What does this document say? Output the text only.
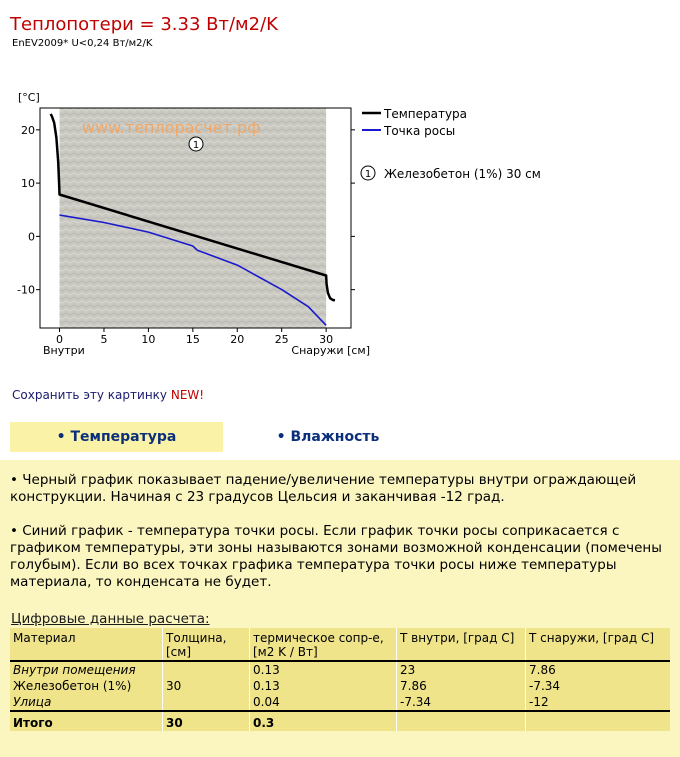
Теплопотери = 3.33 Вт/м2/K
EnEV2009* U<0,24 Вт/м2/K
[°C]
www.теплорасчет.рф
0	5	10	15	20	25	30
-10
0
10
20
1
Внутри	Снаружи [см]
Температура
Точка росы
1 Железобетон (1%) 30 см
Сохранить эту картинку NEW!
• Температура	• Влажность
• Черный график показывает падение/увеличение температуры внутри ограждающей конструкции. Начиная с 23 градусов Цельсия и заканчивая -12 град.
• Синий график - температура точки росы. Если график точки росы соприкасается с графиком температуры, эти зоны называются зонами возможной конденсации (помечены голубым). Если во всех точках графика температура точки росы ниже температуры материала, то конденсата не будет.
Цифровые данные расчета:
Материал	Толщина, [см]	термическое сопр-е, [м2 K / Вт]	T внутри, [град C]	T снаружи, [град C]
Внутри помещения		0.13	23	7.86
Железобетон (1%)	30	0.13	7.86	-7.34
Улица		0.04	-7.34	-12
Итого	30	0.3		
